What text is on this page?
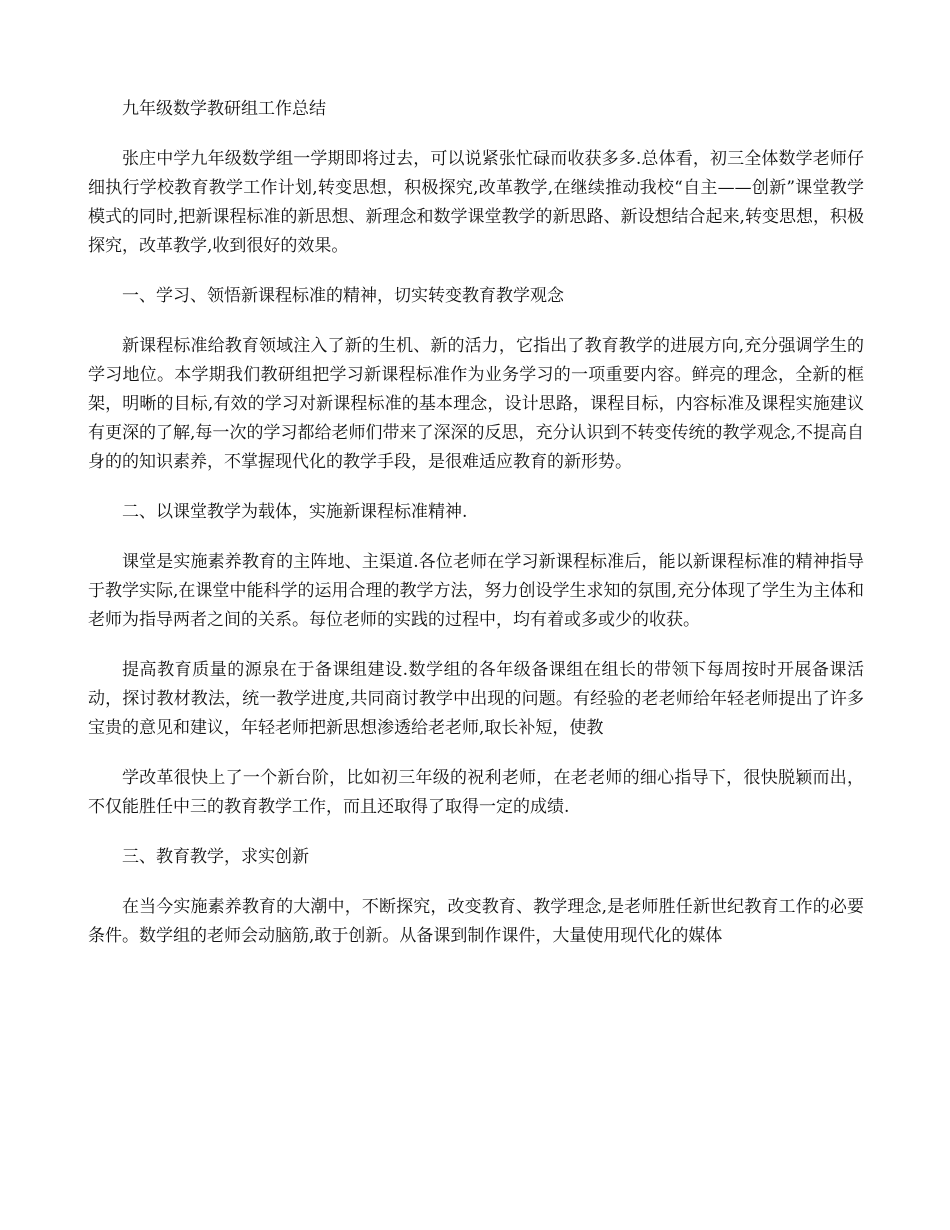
九年级数学教研组工作总结

张庄中学九年级数学组一学期即将过去，可以说紧张忙碌而收获多多.总体看，初三全体数学老师仔细执行学校教育教学工作计划,转变思想，积极探究,改革教学,在继续推动我校“自主——创新”课堂教学模式的同时,把新课程标准的新思想、新理念和数学课堂教学的新思路、新设想结合起来,转变思想，积极探究，改革教学,收到很好的效果。

一、学习、领悟新课程标准的精神，切实转变教育教学观念

新课程标准给教育领域注入了新的生机、新的活力，它指出了教育教学的进展方向,充分强调学生的学习地位。本学期我们教研组把学习新课程标准作为业务学习的一项重要内容。鲜亮的理念，全新的框架，明晰的目标,有效的学习对新课程标准的基本理念，设计思路，课程目标，内容标准及课程实施建议有更深的了解,每一次的学习都给老师们带来了深深的反思，充分认识到不转变传统的教学观念,不提高自身的的知识素养，不掌握现代化的教学手段，是很难适应教育的新形势。

二、以课堂教学为载体，实施新课程标准精神.

课堂是实施素养教育的主阵地、主渠道.各位老师在学习新课程标准后，能以新课程标准的精神指导于教学实际,在课堂中能科学的运用合理的教学方法，努力创设学生求知的氛围,充分体现了学生为主体和老师为指导两者之间的关系。每位老师的实践的过程中，均有着或多或少的收获。

提高教育质量的源泉在于备课组建设.数学组的各年级备课组在组长的带领下每周按时开展备课活动，探讨教材教法，统一教学进度,共同商讨教学中出现的问题。有经验的老老师给年轻老师提出了许多宝贵的意见和建议，年轻老师把新思想渗透给老老师,取长补短，使教

学改革很快上了一个新台阶，比如初三年级的祝利老师，在老老师的细心指导下，很快脱颖而出，不仅能胜任中三的教育教学工作，而且还取得了取得一定的成绩.

三、教育教学，求实创新

在当今实施素养教育的大潮中，不断探究，改变教育、教学理念,是老师胜任新世纪教育工作的必要条件。数学组的老师会动脑筋,敢于创新。从备课到制作课件，大量使用现代化的媒体
